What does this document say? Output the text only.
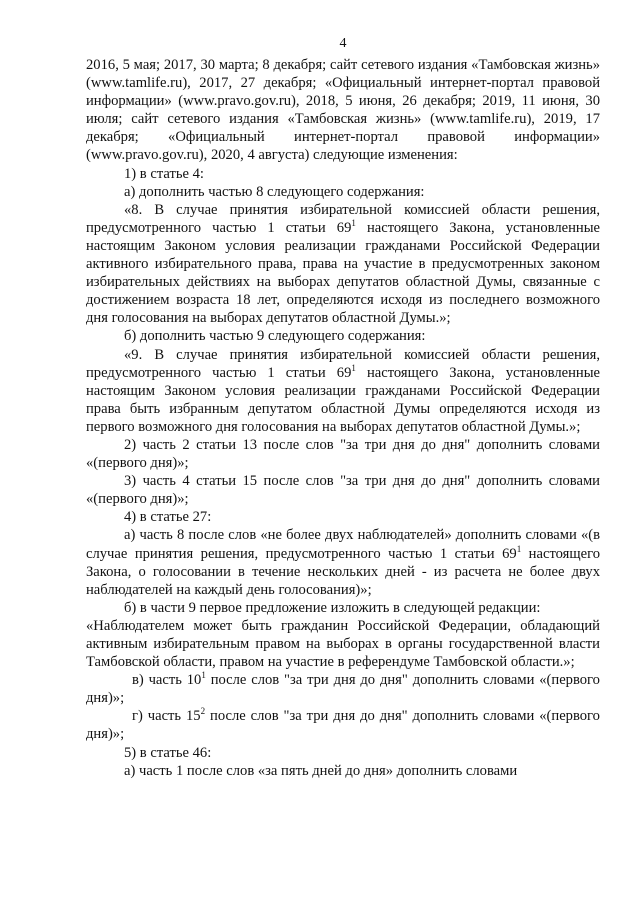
4

2016, 5 мая; 2017, 30 марта; 8 декабря; сайт сетевого издания «Тамбовская жизнь» (www.tamlife.ru), 2017, 27 декабря; «Официальный интернет-портал правовой информации» (www.pravo.gov.ru), 2018, 5 июня, 26 декабря; 2019, 11 июня, 30 июля; сайт сетевого издания «Тамбовская жизнь» (www.tamlife.ru), 2019, 17 декабря; «Официальный интернет-портал правовой информации» (www.pravo.gov.ru), 2020, 4 августа) следующие изменения:

1) в статье 4:

а) дополнить частью 8 следующего содержания:

«8. В случае принятия избирательной комиссией области решения, предусмотренного частью 1 статьи $69^1$ настоящего Закона, установленные настоящим Законом условия реализации гражданами Российской Федерации активного избирательного права, права на участие в предусмотренных законом избирательных действиях на выборах депутатов областной Думы, связанные с достижением возраста 18 лет, определяются исходя из последнего возможного дня голосования на выборах депутатов областной Думы.»;

б) дополнить частью 9 следующего содержания:

«9. В случае принятия избирательной комиссией области решения, предусмотренного частью 1 статьи $69^1$ настоящего Закона, установленные настоящим Законом условия реализации гражданами Российской Федерации права быть избранным депутатом областной Думы определяются исходя из первого возможного дня голосования на выборах депутатов областной Думы.»;

2) часть 2 статьи 13 после слов "за три дня до дня" дополнить словами «(первого дня)»;

3) часть 4 статьи 15 после слов "за три дня до дня" дополнить словами «(первого дня)»;

4) в статье 27:

а) часть 8 после слов «не более двух наблюдателей» дополнить словами «(в случае принятия решения, предусмотренного частью 1 статьи $69^1$ настоящего Закона, о голосовании в течение нескольких дней - из расчета не более двух наблюдателей на каждый день голосования)»;

б) в части 9 первое предложение изложить в следующей редакции:

«Наблюдателем может быть гражданин Российской Федерации, обладающий активным избирательным правом на выборах в органы государственной власти Тамбовской области, правом на участие в референдуме Тамбовской области.»;

в) часть $10^1$ после слов "за три дня до дня" дополнить словами «(первого дня)»;

г) часть $15^2$ после слов "за три дня до дня" дополнить словами «(первого дня)»;

5) в статье 46:

а) часть 1 после слов «за пять дней до дня» дополнить словами
